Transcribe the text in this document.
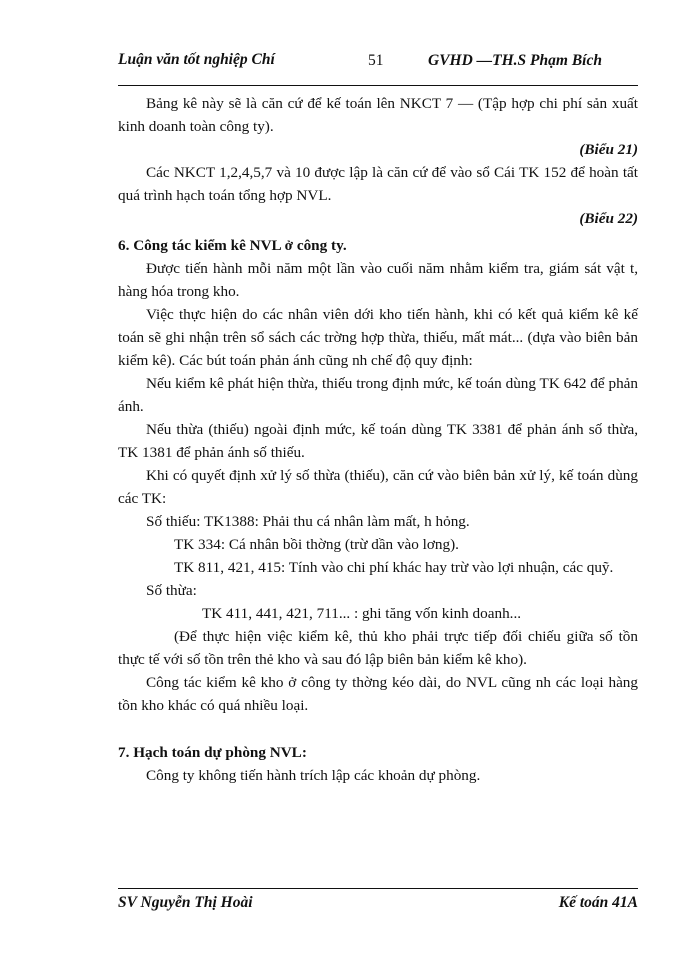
Luận văn tốt nghiệp Chí	51	GVHD —TH.S Phạm Bích

Bảng kê này sẽ là căn cứ để kế toán lên NKCT 7 — (Tập hợp chi phí sản xuất kinh doanh toàn công ty).

(Biểu 21)

Các NKCT 1,2,4,5,7 và 10 được lập là căn cứ để vào sổ Cái TK 152 để hoàn tất quá trình hạch toán tổng hợp NVL.

(Biểu 22)

6. Công tác kiểm kê NVL ở công ty.

Được tiến hành mỗi năm một lần vào cuối năm nhằm kiểm tra, giám sát vật t, hàng hóa trong kho.

Việc thực hiện do các nhân viên dới kho tiến hành, khi có kết quả kiểm kê kế toán sẽ ghi nhận trên sổ sách các trờng hợp thừa, thiếu, mất mát... (dựa vào biên bản kiểm kê). Các bút toán phản ánh cũng nh chế độ quy định:

Nếu kiểm kê phát hiện thừa, thiếu trong định mức, kế toán dùng TK 642 để phản ánh.

Nếu thừa (thiếu) ngoài định mức, kế toán dùng TK 3381 để phản ánh số thừa, TK 1381 để phản ánh số thiếu.

Khi có quyết định xử lý số thừa (thiếu), căn cứ vào biên bản xử lý, kế toán dùng các TK:

Số thiếu: TK1388: Phải thu cá nhân làm mất, h hỏng.

TK 334: Cá nhân bồi thờng (trừ dần vào lơng).

TK 811, 421, 415: Tính vào chi phí khác hay trừ vào lợi nhuận, các quỹ.

Số thừa:

TK 411, 441, 421, 711... : ghi tăng vốn kinh doanh...

(Để thực hiện việc kiểm kê, thủ kho phải trực tiếp đối chiếu giữa số tồn thực tế với số tồn trên thẻ kho và sau đó lập biên bản kiểm kê kho).

Công tác kiểm kê kho ở công ty thờng kéo dài, do NVL cũng nh các loại hàng tồn kho khác có quá nhiều loại.

7. Hạch toán dự phòng NVL:

Công ty không tiến hành trích lập các khoản dự phòng.

SV Nguyễn Thị Hoài	Kế toán 41A
